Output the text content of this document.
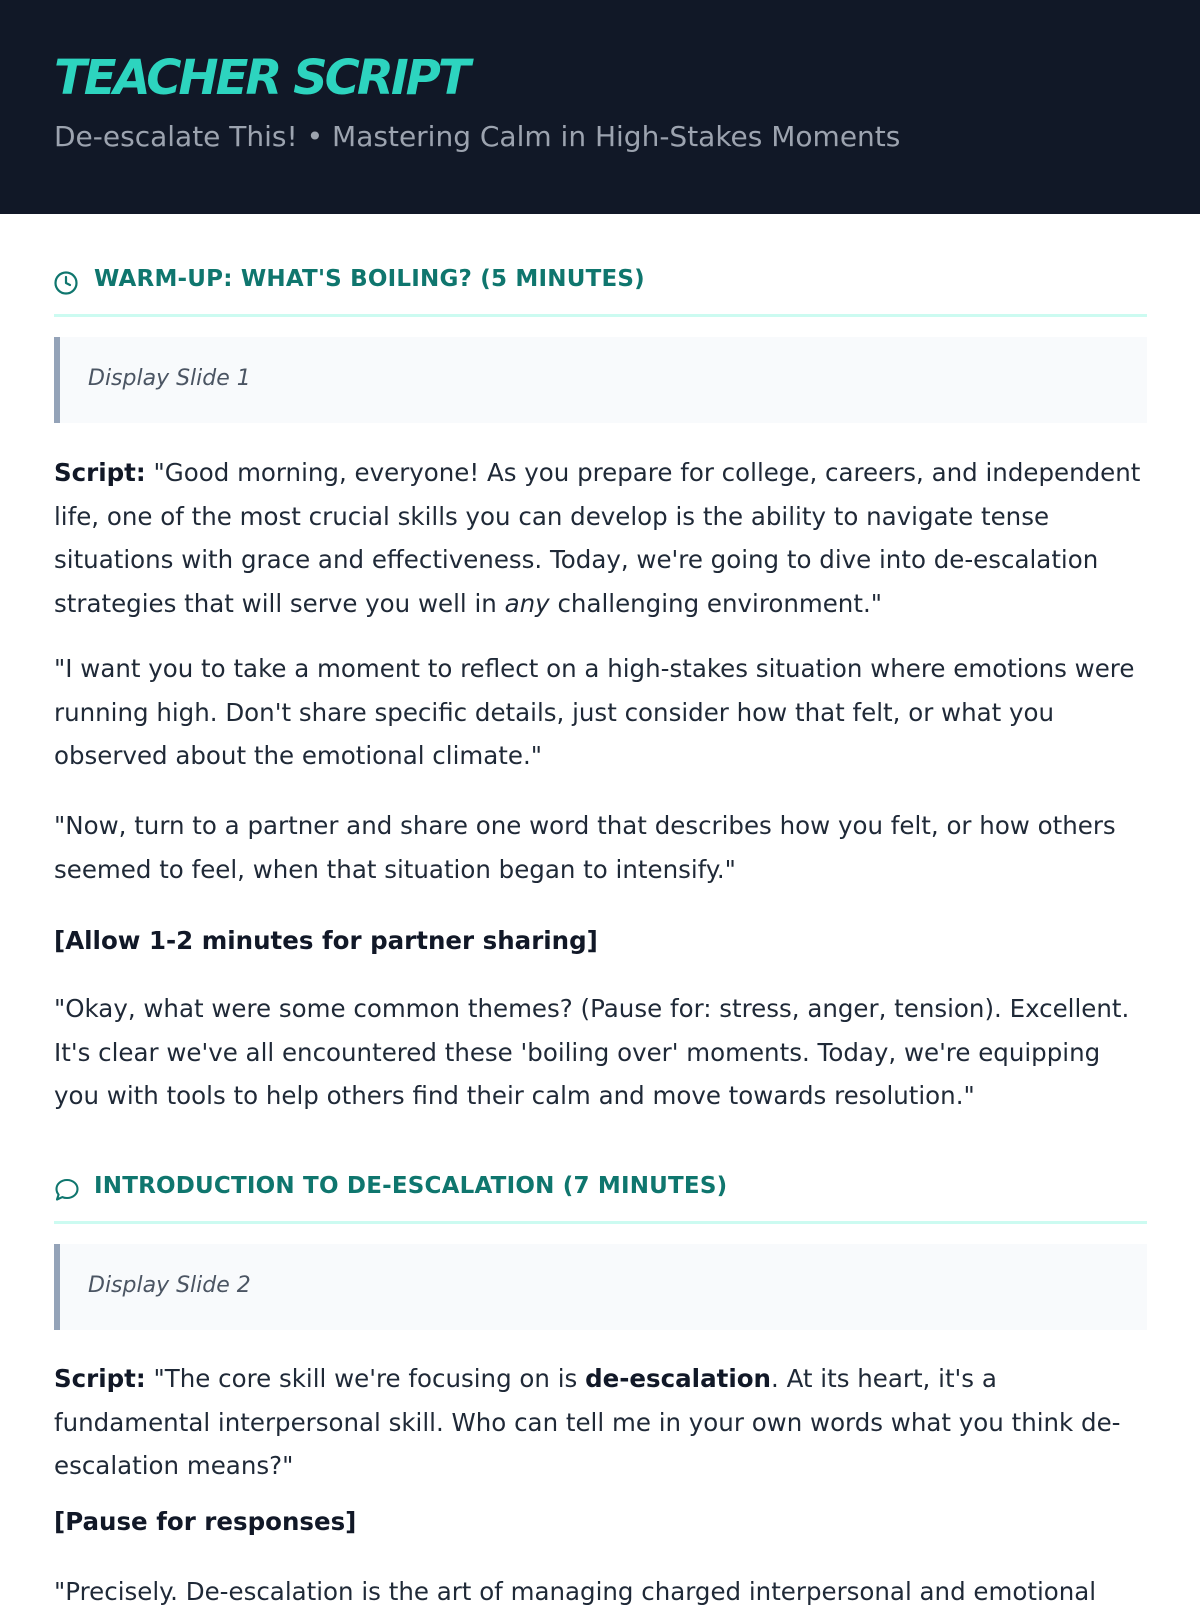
TEACHER SCRIPT
De-escalate This! • Mastering Calm in High-Stakes Moments
WARM-UP: WHAT'S BOILING? (5 MINUTES)
Display Slide 1

Script: "Good morning, everyone! As you prepare for college, careers, and independent life, one of the most crucial skills you can develop is the ability to navigate tense situations with grace and effectiveness. Today, we're going to dive into de-escalation strategies that will serve you well in any challenging environment."

"I want you to take a moment to reflect on a high-stakes situation where emotions were running high. Don't share specific details, just consider how that felt, or what you observed about the emotional climate."

"Now, turn to a partner and share one word that describes how you felt, or how others seemed to feel, when that situation began to intensify."

[Allow 1-2 minutes for partner sharing]

"Okay, what were some common themes? (Pause for: stress, anger, tension). Excellent. It's clear we've all encountered these 'boiling over' moments. Today, we're equipping you with tools to help others find their calm and move towards resolution."

INTRODUCTION TO DE-ESCALATION (7 MINUTES)
Display Slide 2

Script: "The core skill we're focusing on is de-escalation. At its heart, it's a fundamental interpersonal skill. Who can tell me in your own words what you think de-escalation means?"

[Pause for responses]

"Precisely. De-escalation is the art of managing charged interpersonal and emotional
